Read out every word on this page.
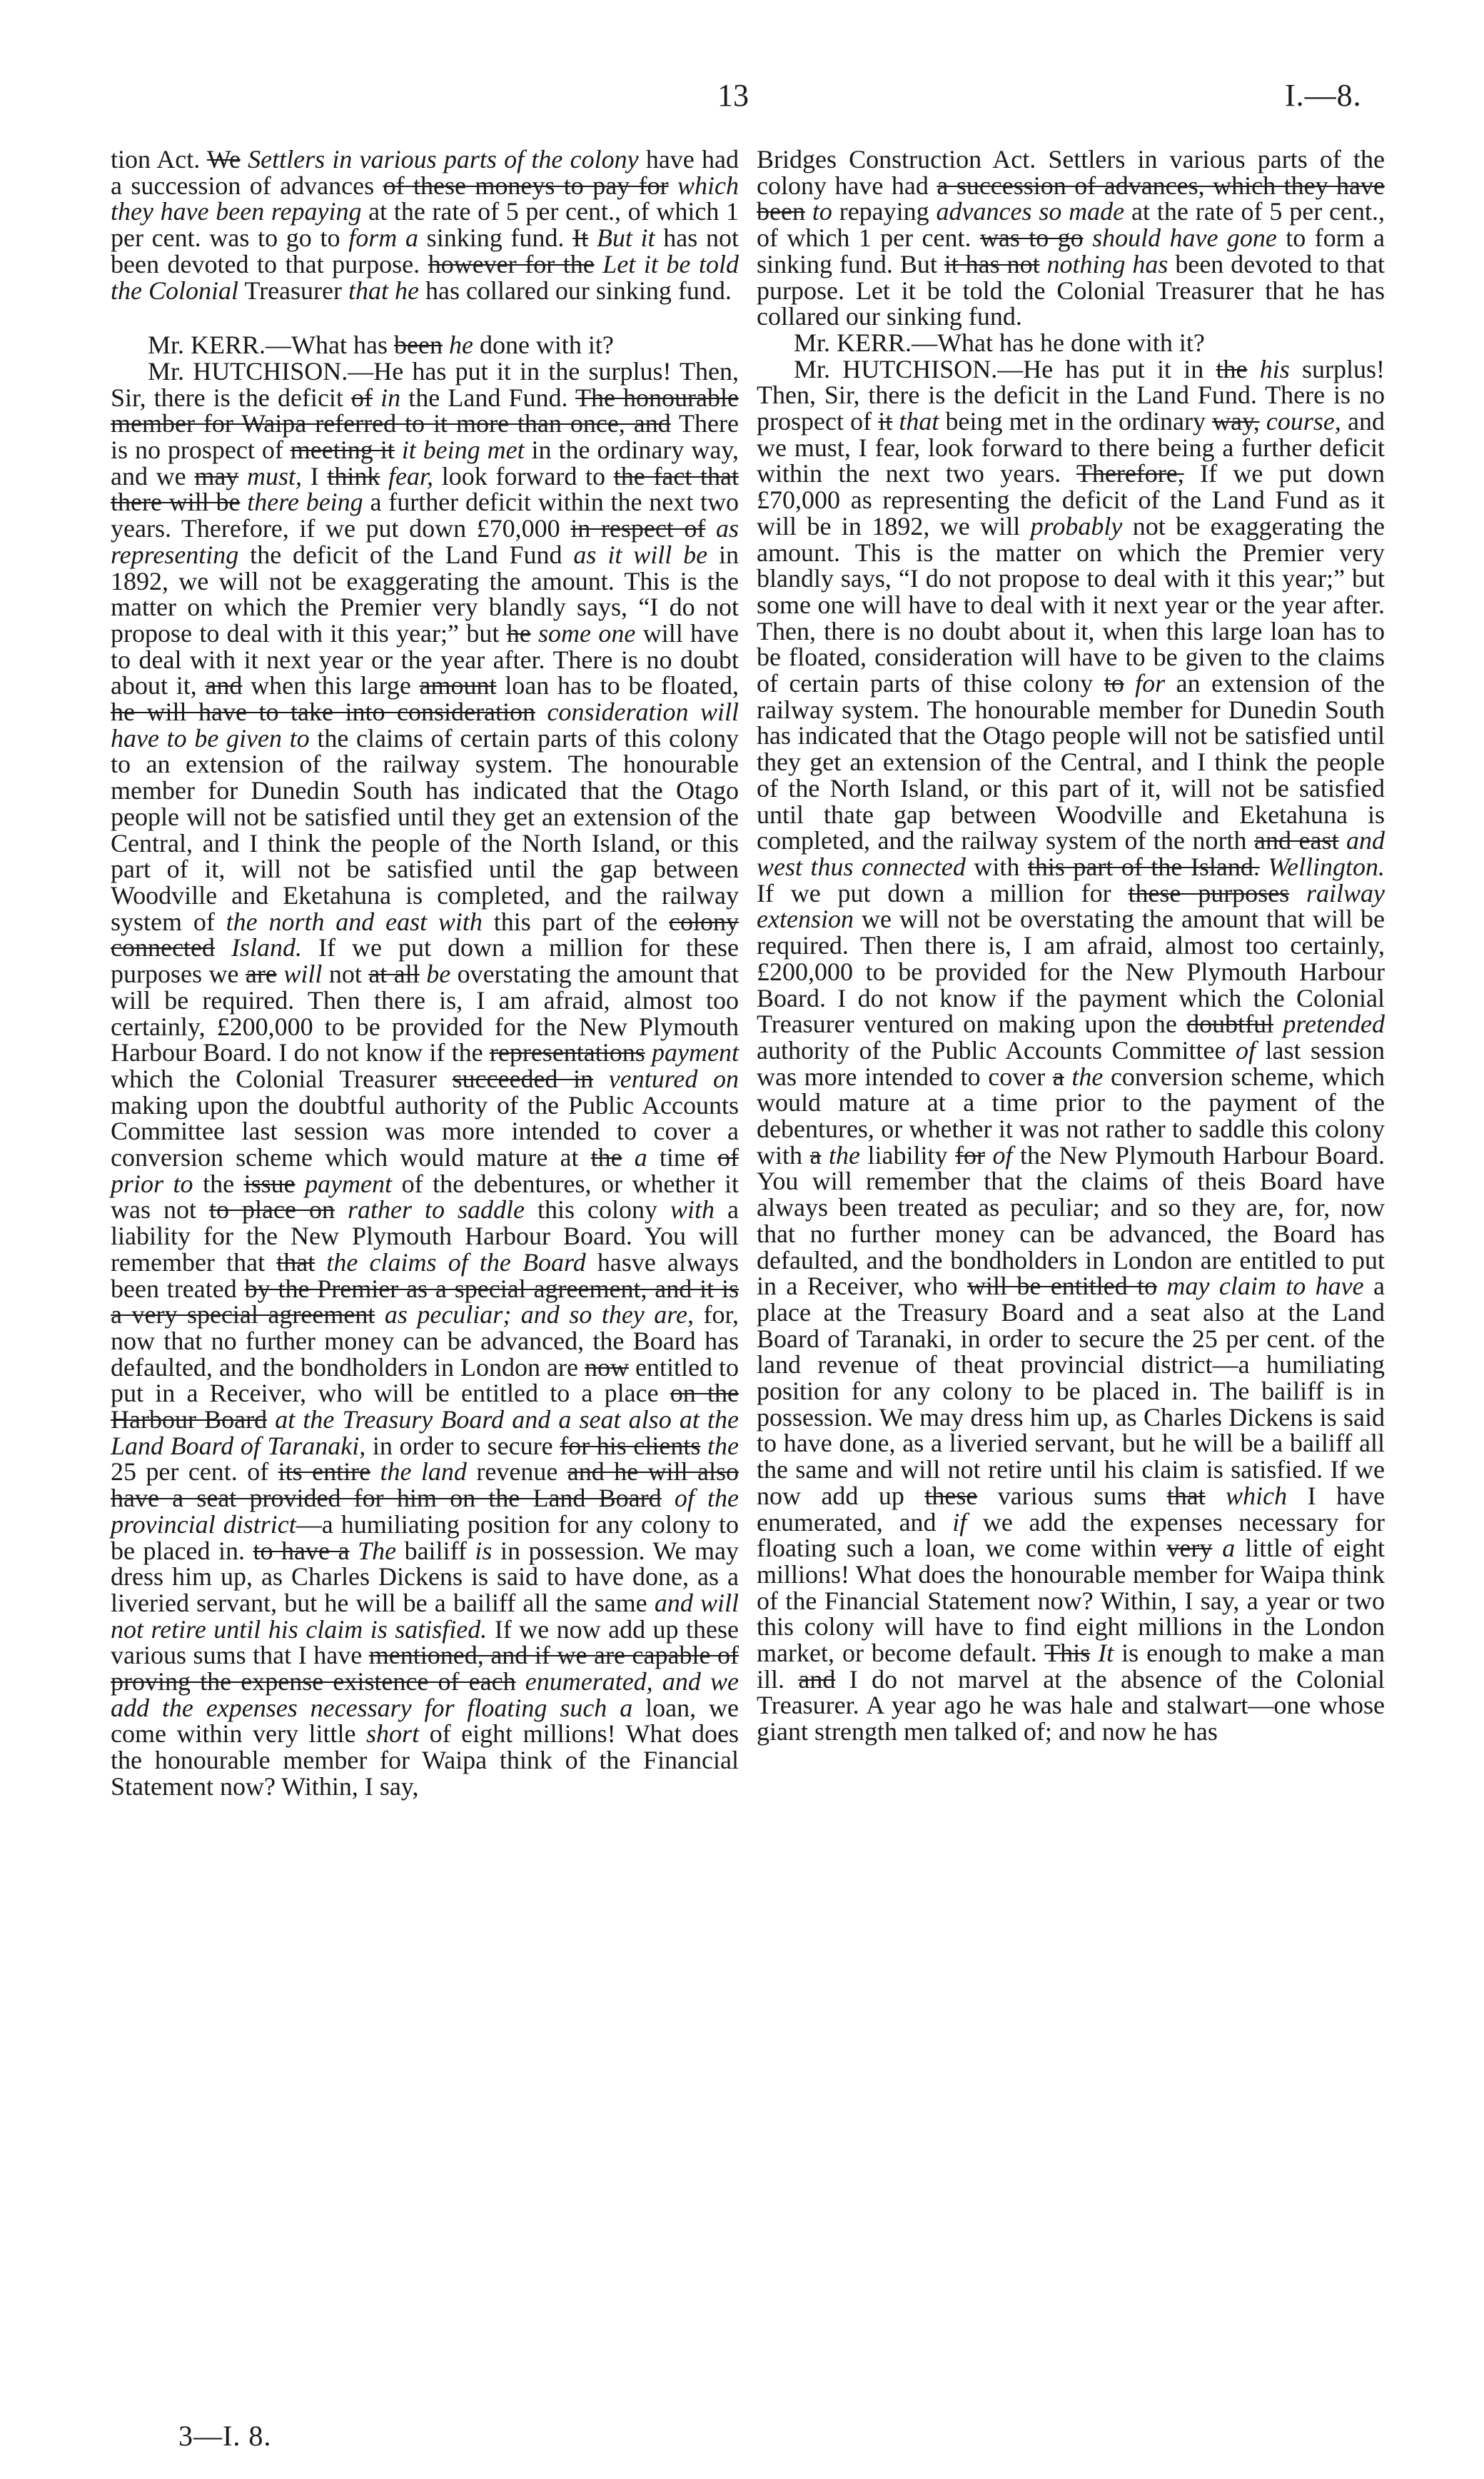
13	I.—8.

tion Act. We Settlers in various parts of the colony have had a succession of advances of these moneys to pay for which they have been repaying at the rate of 5 per cent., of which 1 per cent. was to go to form a sinking fund. It But it has not been devoted to that purpose. however for the Let it be told the Colonial Treasurer that he has collared our sinking fund.

Mr. KERR.—What has been he done with it?

Mr. HUTCHISON.—He has put it in the surplus! Then, Sir, there is the deficit of in the Land Fund. The honourable member for Waipa referred to it more than once, and There is no prospect of meeting it it being met in the ordinary way, and we may must, I think fear, look forward to the fact that there will be there being a further deficit within the next two years. Therefore, if we put down £70,000 in respect of as representing the deficit of the Land Fund as it will be in 1892, we will not be exaggerating the amount. This is the matter on which the Premier very blandly says, “I do not propose to deal with it this year;” but he some one will have to deal with it next year or the year after. There is no doubt about it, and when this large amount loan has to be floated, he will have to take into consideration consideration will have to be given to the claims of certain parts of this colony to an extension of the railway system. The honourable member for Dunedin South has indicated that the Otago people will not be satisfied until they get an extension of the Central, and I think the people of the North Island, or this part of it, will not be satisfied until the gap between Woodville and Eketahuna is completed, and the railway system of the north and east with this part of the colony connected Island. If we put down a million for these purposes we are will not at all be overstating the amount that will be required. Then there is, I am afraid, almost too certainly, £200,000 to be provided for the New Plymouth Harbour Board. I do not know if the representations payment which the Colonial Treasurer succeeded in ventured on making upon the doubtful authority of the Public Accounts Committee last session was more intended to cover a conversion scheme which would mature at the a time of prior to the issue payment of the debentures, or whether it was not to place on rather to saddle this colony with a liability for the New Plymouth Harbour Board. You will remember that that the claims of the Board hasve always been treated by the Premier as a special agreement, and it is a very special agreement as peculiar; and so they are, for, now that no further money can be advanced, the Board has defaulted, and the bondholders in London are now entitled to put in a Receiver, who will be entitled to a place on the Harbour Board at the Treasury Board and a seat also at the Land Board of Taranaki, in order to secure for his clients the 25 per cent. of its entire the land revenue and he will also have a seat provided for him on the Land Board of the provincial district—a humiliating position for any colony to be placed in. to have a The bailiff is in possession. We may dress him up, as Charles Dickens is said to have done, as a liveried servant, but he will be a bailiff all the same and will not retire until his claim is satisfied. If we now add up these various sums that I have mentioned, and if we are capable of proving the expense existence of each enumerated, and we add the expenses necessary for floating such a loan, we come within very little short of eight millions! What does the honourable member for Waipa think of the Financial Statement now? Within, I say,

Bridges Construction Act. Settlers in various parts of the colony have had a succession of advances, which they have been to repaying advances so made at the rate of 5 per cent., of which 1 per cent. was to go should have gone to form a sinking fund. But it has not nothing has been devoted to that purpose. Let it be told the Colonial Treasurer that he has collared our sinking fund.

Mr. KERR.—What has he done with it?

Mr. HUTCHISON.—He has put it in the his surplus! Then, Sir, there is the deficit in the Land Fund. There is no prospect of it that being met in the ordinary way, course, and we must, I fear, look forward to there being a further deficit within the next two years. Therefore, If we put down £70,000 as representing the deficit of the Land Fund as it will be in 1892, we will probably not be exaggerating the amount. This is the matter on which the Premier very blandly says, “I do not propose to deal with it this year;” but some one will have to deal with it next year or the year after. Then, there is no doubt about it, when this large loan has to be floated, consideration will have to be given to the claims of certain parts of thise colony to for an extension of the railway system. The honourable member for Dunedin South has indicated that the Otago people will not be satisfied until they get an extension of the Central, and I think the people of the North Island, or this part of it, will not be satisfied until thate gap between Woodville and Eketahuna is completed, and the railway system of the north and east and west thus connected with this part of the Island. Wellington. If we put down a million for these purposes railway extension we will not be overstating the amount that will be required. Then there is, I am afraid, almost too certainly, £200,000 to be provided for the New Plymouth Harbour Board. I do not know if the payment which the Colonial Treasurer ventured on making upon the doubtful pretended authority of the Public Accounts Committee of last session was more intended to cover a the conversion scheme, which would mature at a time prior to the payment of the debentures, or whether it was not rather to saddle this colony with a the liability for of the New Plymouth Harbour Board. You will remember that the claims of theis Board have always been treated as peculiar; and so they are, for, now that no further money can be advanced, the Board has defaulted, and the bondholders in London are entitled to put in a Receiver, who will be entitled to may claim to have a place at the Treasury Board and a seat also at the Land Board of Taranaki, in order to secure the 25 per cent. of the land revenue of theat provincial district—a humiliating position for any colony to be placed in. The bailiff is in possession. We may dress him up, as Charles Dickens is said to have done, as a liveried servant, but he will be a bailiff all the same and will not retire until his claim is satisfied. If we now add up these various sums that which I have enumerated, and if we add the expenses necessary for floating such a loan, we come within very a little of eight millions! What does the honourable member for Waipa think of the Financial Statement now? Within, I say, a year or two this colony will have to find eight millions in the London market, or become default. This It is enough to make a man ill. and I do not marvel at the absence of the Colonial Treasurer. A year ago he was hale and stalwart—one whose giant strength men talked of; and now he has

3—I. 8.
